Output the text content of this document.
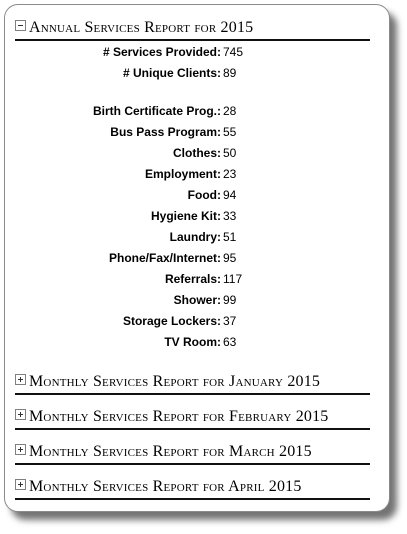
Annual Services Report for 2015
# Services Provided: 745
# Unique Clients: 89
Birth Certificate Prog.: 28
Bus Pass Program: 55
Clothes: 50
Employment: 23
Food: 94
Hygiene Kit: 33
Laundry: 51
Phone/Fax/Internet: 95
Referrals: 117
Shower: 99
Storage Lockers: 37
TV Room: 63
Monthly Services Report for January 2015
Monthly Services Report for February 2015
Monthly Services Report for March 2015
Monthly Services Report for April 2015
